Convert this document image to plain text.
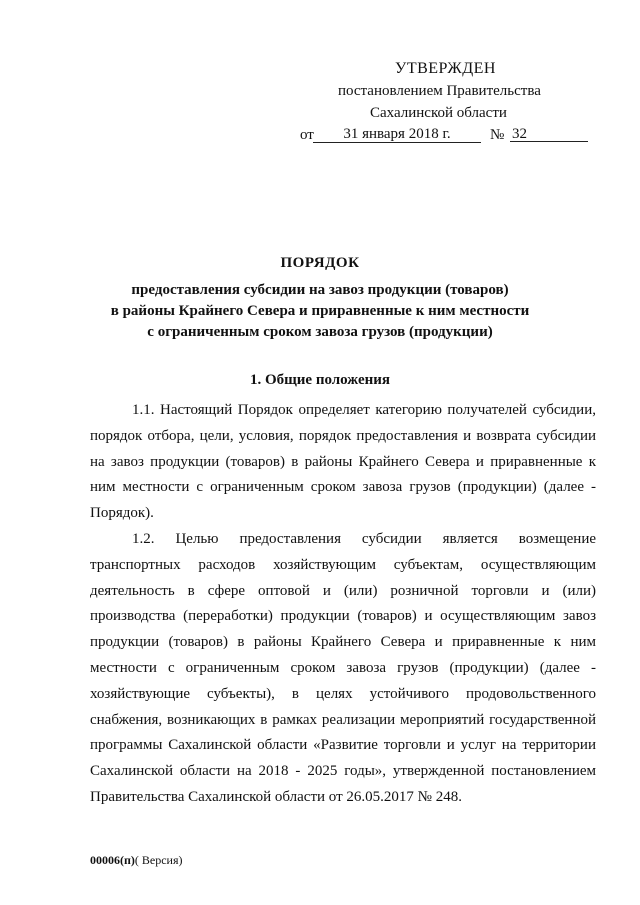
УТВЕРЖДЕН
постановлением Правительства
Сахалинской области
от	31 января 2018 г.	№ 32
ПОРЯДОК
предоставления субсидии на завоз продукции (товаров)
в районы Крайнего Севера и приравненные к ним местности
с ограниченным сроком завоза грузов (продукции)
1. Общие положения

1.1. Настоящий Порядок определяет категорию получателей субсидии, порядок отбора, цели, условия, порядок предоставления и возврата субсидии на завоз продукции (товаров) в районы Крайнего Севера и приравненные к ним местности с ограниченным сроком завоза грузов (продукции) (далее - Порядок).

1.2. Целью предоставления субсидии является возмещение транспортных расходов хозяйствующим субъектам, осуществляющим деятельность в сфере оптовой и (или) розничной торговли и (или) производства (переработки) продукции (товаров) и осуществляющим завоз продукции (товаров) в районы Крайнего Севера и приравненные к ним местности с ограниченным сроком завоза грузов (продукции) (далее - хозяйствующие субъекты), в целях устойчивого продовольственного снабжения, возникающих в рамках реализации мероприятий государственной программы Сахалинской области «Развитие торговли и услуг на территории Сахалинской области на 2018 - 2025 годы», утвержденной постановлением Правительства Сахалинской области от 26.05.2017 № 248.

00006(п)( Версия)
